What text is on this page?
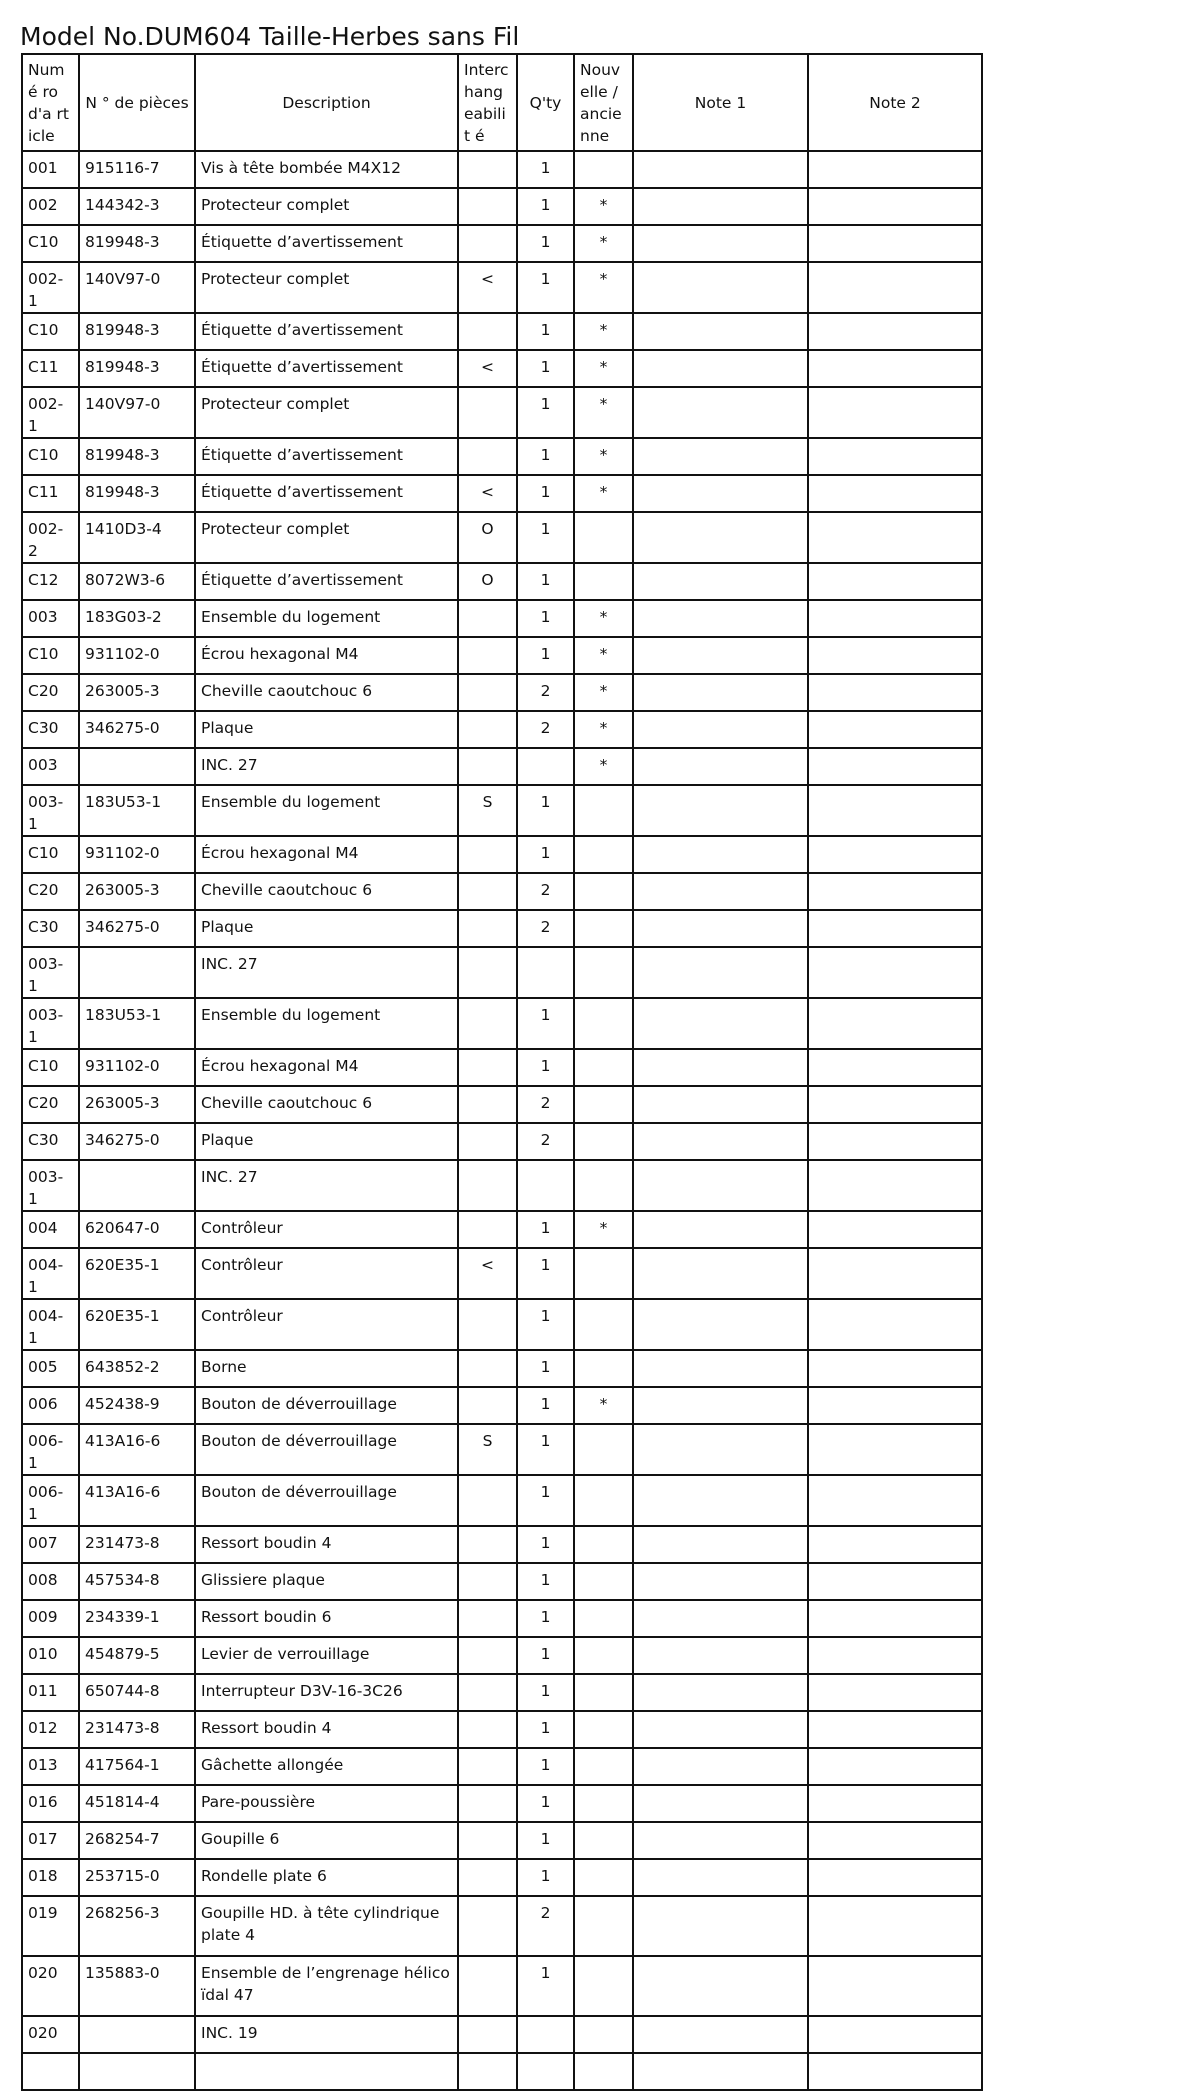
Model No.DUM604 Taille-Herbes sans Fil
Numé ro d'a rticle	N ° de pièces	Description	Interc hang eabilit é	Q'ty	Nouv elle / ancie nne	Note 1	Note 2
001	915116-7	Vis à tête bombée M4X12		1			
002	144342-3	Protecteur complet		1	*		
C10	819948-3	Étiquette d’avertissement		1	*		
002-1	140V97-0	Protecteur complet	<	1	*		
C10	819948-3	Étiquette d’avertissement		1	*		
C11	819948-3	Étiquette d’avertissement	<	1	*		
002-1	140V97-0	Protecteur complet		1	*		
C10	819948-3	Étiquette d’avertissement		1	*		
C11	819948-3	Étiquette d’avertissement	<	1	*		
002-2	1410D3-4	Protecteur complet	O	1			
C12	8072W3-6	Étiquette d’avertissement	O	1			
003	183G03-2	Ensemble du logement		1	*		
C10	931102-0	Écrou hexagonal M4		1	*		
C20	263005-3	Cheville caoutchouc 6		2	*		
C30	346275-0	Plaque		2	*		
003		INC. 27			*		
003-1	183U53-1	Ensemble du logement	S	1			
C10	931102-0	Écrou hexagonal M4		1			
C20	263005-3	Cheville caoutchouc 6		2			
C30	346275-0	Plaque		2			
003-1		INC. 27					
003-1	183U53-1	Ensemble du logement		1			
C10	931102-0	Écrou hexagonal M4		1			
C20	263005-3	Cheville caoutchouc 6		2			
C30	346275-0	Plaque		2			
003-1		INC. 27					
004	620647-0	Contrôleur		1	*		
004-1	620E35-1	Contrôleur	<	1			
004-1	620E35-1	Contrôleur		1			
005	643852-2	Borne		1			
006	452438-9	Bouton de déverrouillage		1	*		
006-1	413A16-6	Bouton de déverrouillage	S	1			
006-1	413A16-6	Bouton de déverrouillage		1			
007	231473-8	Ressort boudin 4		1			
008	457534-8	Glissiere plaque		1			
009	234339-1	Ressort boudin 6		1			
010	454879-5	Levier de verrouillage		1			
011	650744-8	Interrupteur D3V-16-3C26		1			
012	231473-8	Ressort boudin 4		1			
013	417564-1	Gâchette allongée		1			
016	451814-4	Pare-poussière		1			
017	268254-7	Goupille 6		1			
018	253715-0	Rondelle plate 6		1			
019	268256-3	Goupille HD. à tête cylindrique plate 4		2			
020	135883-0	Ensemble de l’engrenage hélicoïdal 47		1			
020		INC. 19					
